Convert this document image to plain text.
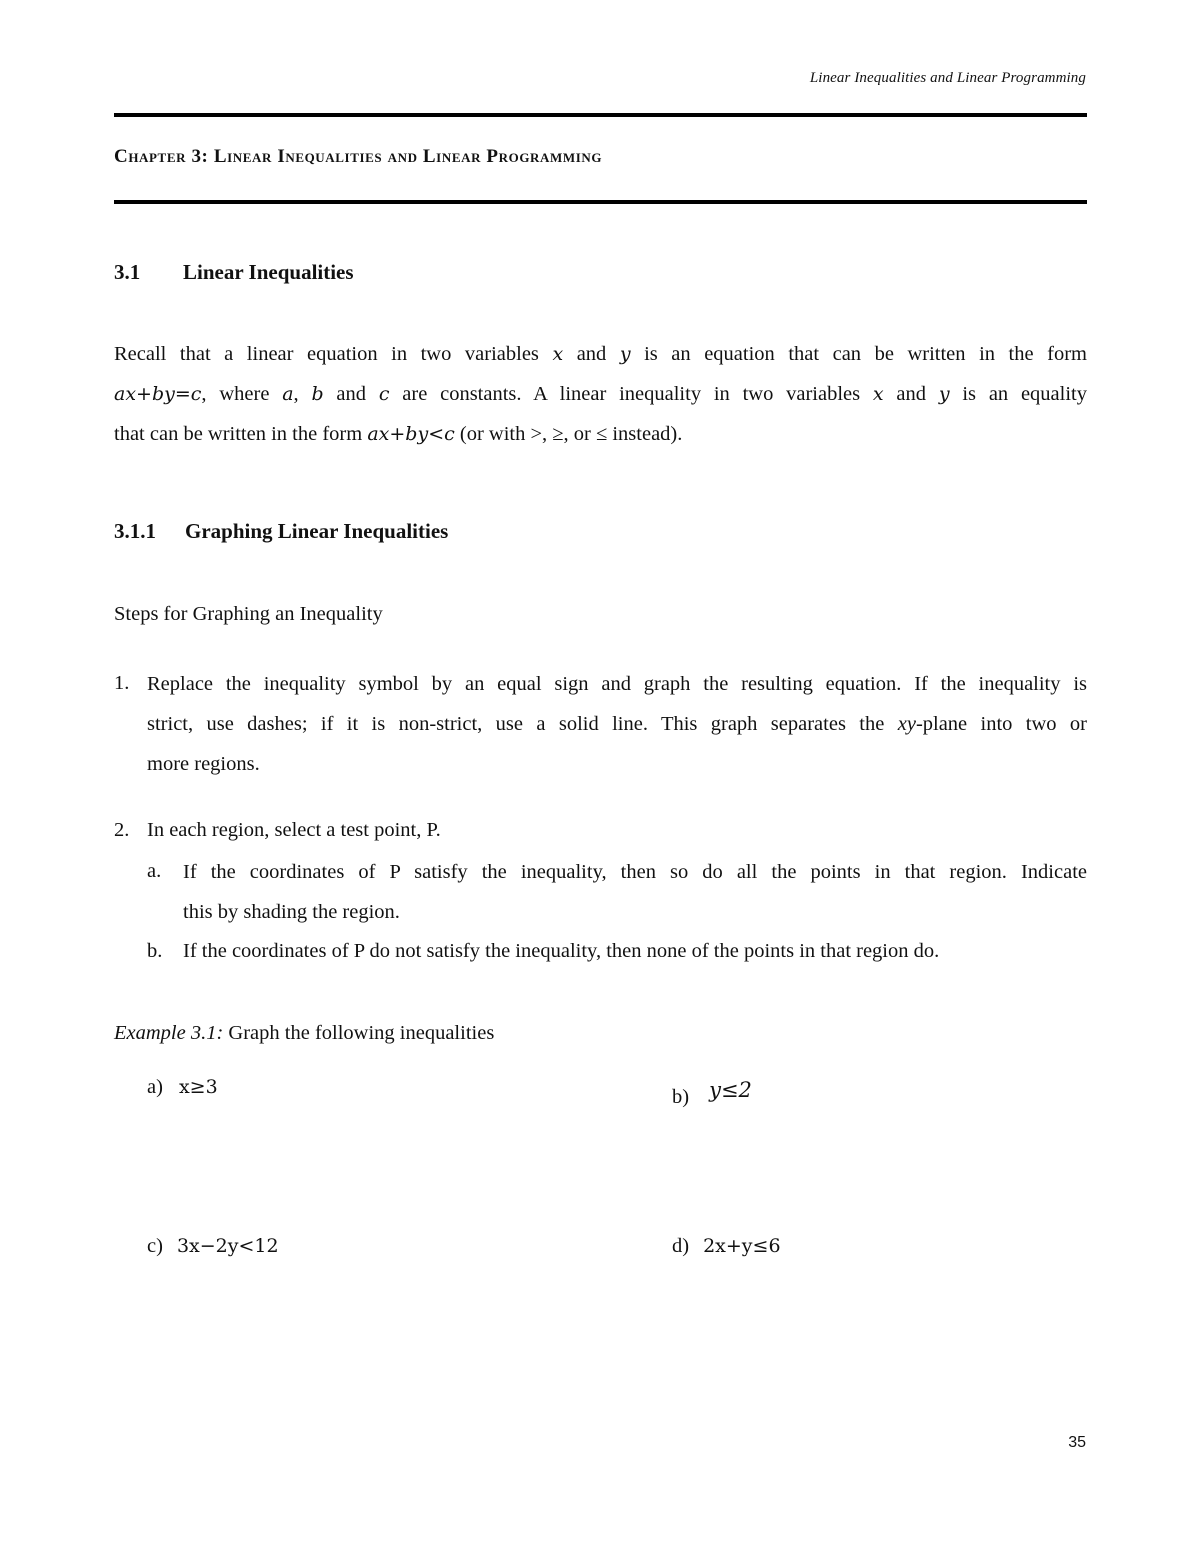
Linear Inequalities and Linear Programming
Chapter 3: Linear Inequalities and Linear Programming
3.1 Linear Inequalities
Recall that a linear equation in two variables x and y is an equation that can be written in the form
ax+by=c, where a, b and c are constants. A linear inequality in two variables x and y is an equality
that can be written in the form ax+by<c (or with >, ≥, or ≤ instead).
3.1.1 Graphing Linear Inequalities
Steps for Graphing an Inequality
1. Replace the inequality symbol by an equal sign and graph the resulting equation. If the inequality is
strict, use dashes; if it is non-strict, use a solid line. This graph separates the xy-plane into two or
more regions.
2. In each region, select a test point, P.
a. If the coordinates of P satisfy the inequality, then so do all the points in that region. Indicate
this by shading the region.
b. If the coordinates of P do not satisfy the inequality, then none of the points in that region do.
Example 3.1: Graph the following inequalities
a) x≥3	b) y≤2
c) 3x−2y<12	d) 2x+y≤6
35
